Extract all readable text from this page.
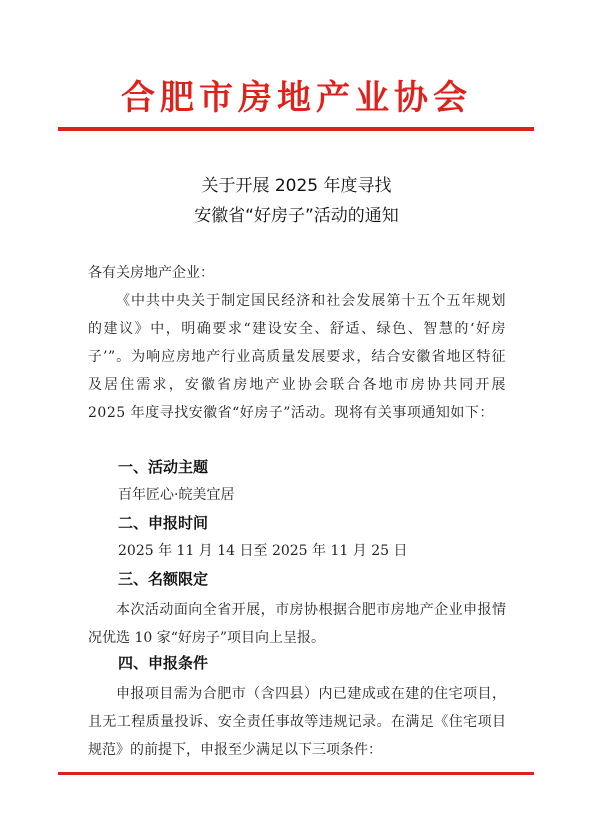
合肥市房地产业协会
关于开展 2025 年度寻找
安徽省“好房子”活动的通知
各有关房地产企业：
《中共中央关于制定国民经济和社会发展第十五个五年规划的建议》中，明确要求“建设安全、舒适、绿色、智慧的‘好房子’”。为响应房地产行业高质量发展要求，结合安徽省地区特征及居住需求，安徽省房地产业协会联合各地市房协共同开展 2025 年度寻找安徽省“好房子”活动。现将有关事项通知如下：
一、活动主题
百年匠心·皖美宜居
二、申报时间
2025 年 11 月 14 日至 2025 年 11 月 25 日
三、名额限定
本次活动面向全省开展，市房协根据合肥市房地产企业申报情况优选 10 家“好房子”项目向上呈报。
四、申报条件
申报项目需为合肥市（含四县）内已建成或在建的住宅项目，且无工程质量投诉、安全责任事故等违规记录。在满足《住宅项目规范》的前提下，申报至少满足以下三项条件：
